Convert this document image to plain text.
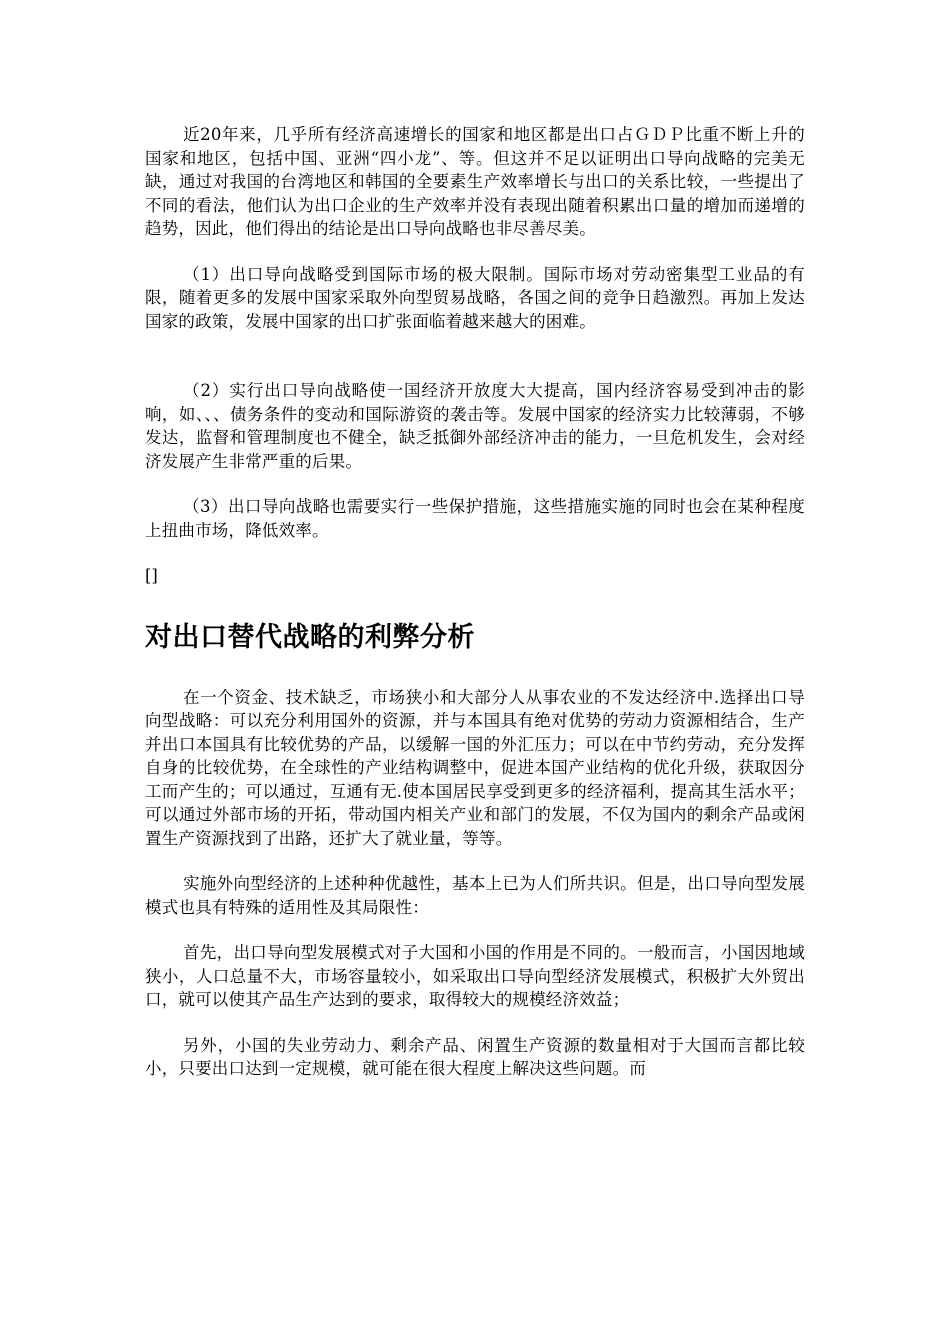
近20年来，几乎所有经济高速增长的国家和地区都是出口占ＧＤＰ比重不断上升的国家和地区，包括中国、亚洲“四小龙”、等。但这并不足以证明出口导向战略的完美无缺，通过对我国的台湾地区和韩国的全要素生产效率增长与出口的关系比较，一些提出了不同的看法，他们认为出口企业的生产效率并没有表现出随着积累出口量的增加而递增的趋势，因此，他们得出的结论是出口导向战略也非尽善尽美。

（1）出口导向战略受到国际市场的极大限制。国际市场对劳动密集型工业品的有限，随着更多的发展中国家采取外向型贸易战略，各国之间的竞争日趋激烈。再加上发达国家的政策，发展中国家的出口扩张面临着越来越大的困难。

（2）实行出口导向战略使一国经济开放度大大提高，国内经济容易受到冲击的影响，如、、、债务条件的变动和国际游资的袭击等。发展中国家的经济实力比较薄弱，不够发达，监督和管理制度也不健全，缺乏抵御外部经济冲击的能力，一旦危机发生，会对经济发展产生非常严重的后果。

（3）出口导向战略也需要实行一些保护措施，这些措施实施的同时也会在某种程度上扭曲市场，降低效率。

[]

对出口替代战略的利弊分析

在一个资金、技术缺乏，市场狭小和大部分人从事农业的不发达经济中.选择出口导向型战略：可以充分利用国外的资源，并与本国具有绝对优势的劳动力资源相结合，生产并出口本国具有比较优势的产品，以缓解一国的外汇压力；可以在中节约劳动，充分发挥自身的比较优势，在全球性的产业结构调整中，促进本国产业结构的优化升级，获取因分工而产生的；可以通过，互通有无.使本国居民享受到更多的经济福利，提高其生活水平；可以通过外部市场的开拓，带动国内相关产业和部门的发展，不仅为国内的剩余产品或闲置生产资源找到了出路，还扩大了就业量，等等。

实施外向型经济的上述种种优越性，基本上已为人们所共识。但是，出口导向型发展模式也具有特殊的适用性及其局限性：

首先，出口导向型发展模式对子大国和小国的作用是不同的。一般而言，小国因地域狭小，人口总量不大，市场容量较小，如采取出口导向型经济发展模式，积极扩大外贸出口，就可以使其产品生产达到的要求，取得较大的规模经济效益；

另外，小国的失业劳动力、剩余产品、闲置生产资源的数量相对于大国而言都比较小，只要出口达到一定规模，就可能在很大程度上解决这些问题。而
